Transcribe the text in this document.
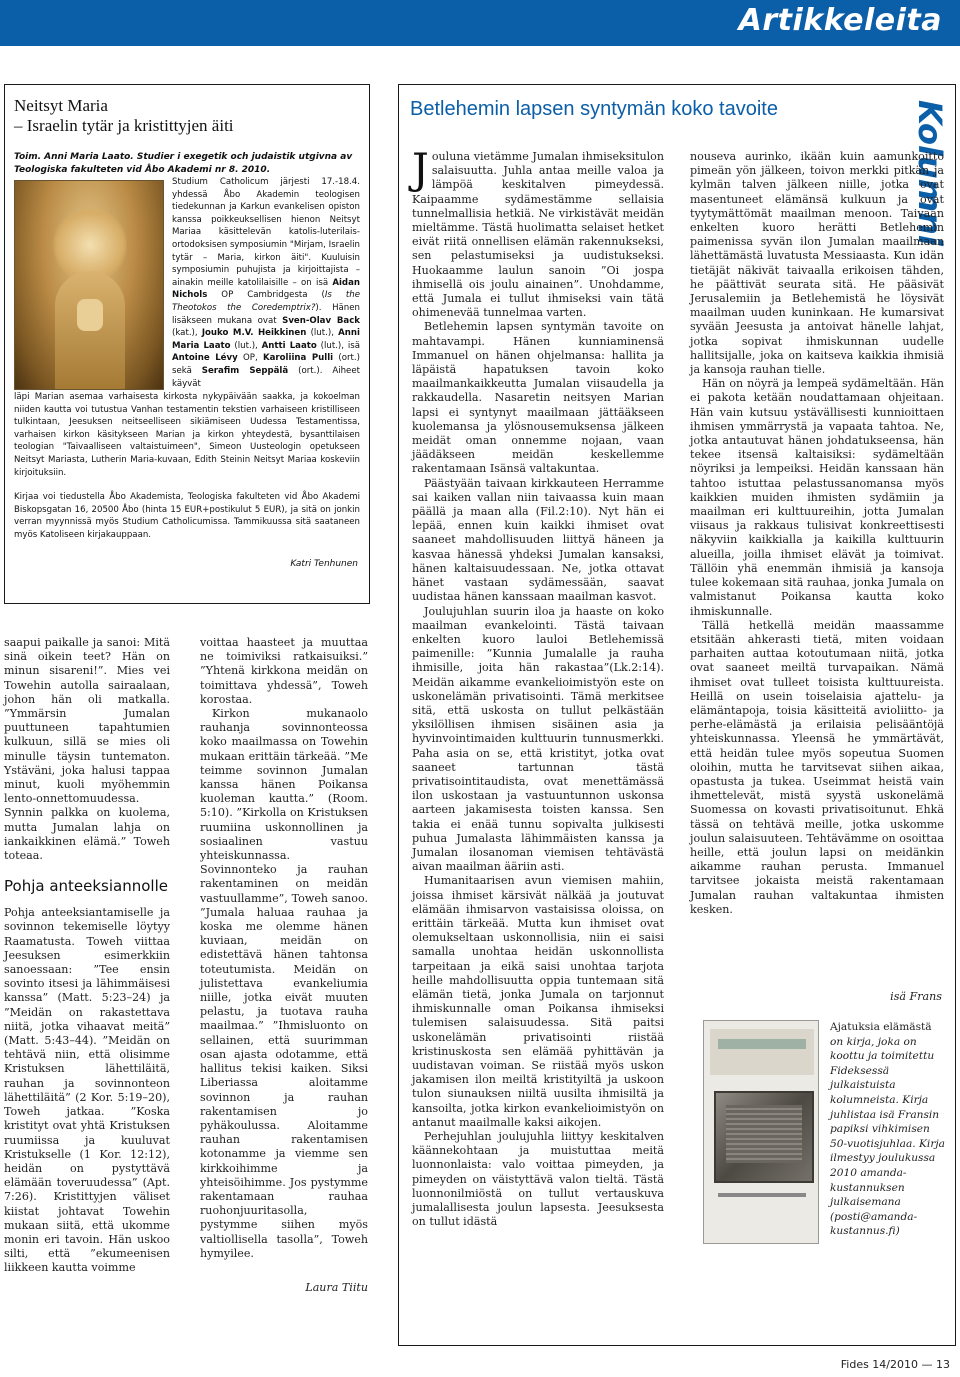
Artikkeleita
Neitsyt Maria
– Israelin tytär ja kristittyjen äiti
Toim. Anni Maria Laato. Studier i exegetik och judaistik utgivna av Teologiska fakulteten vid Åbo Akademi nr 8. 2010.
Studium Catholicum järjesti 17.-18.4. yhdessä Åbo Akademin teologisen tiedekunnan ja Karkun evankelisen opiston kanssa poikkeuksellisen hienon Neitsyt Mariaa käsittelevän katolis-luterilais-ortodoksisen symposiumin "Mirjam, Israelin tytär – Maria, kirkon äiti". Kuuluisin symposiumin puhujista ja kirjoittajista – ainakin meille katolilaisille – on isä Aidan Nichols OP Cambridgesta (Is the Theotokos the Coredemptrix?). Hänen lisäkseen mukana ovat Sven-Olav Back (kat.), Jouko M.V. Heikkinen (lut.), Anni Maria Laato (lut.), Antti Laato (lut.), isä Antoine Lévy OP, Karoliina Pulli (ort.) sekä Serafim Seppälä (ort.). Aiheet käyvät
läpi Marian asemaa varhaisesta kirkosta nykypäivään saakka, ja kokoelman niiden kautta voi tutustua Vanhan testamentin tekstien varhaiseen kristilliseen tulkintaan, Jeesuksen neitseelliseen sikiämiseen Uudessa Testamentissa, varhaisen kirkon käsitykseen Marian ja kirkon yhteydestä, bysanttilaisen teologian "Taivaalliseen valtaistuimeen", Simeon Uusteologin opetukseen Neitsyt Mariasta, Lutherin Maria-kuvaan, Edith Steinin Neitsyt Mariaa koskeviin kirjoituksiin.
Kirjaa voi tiedustella Åbo Akademista, Teologiska fakulteten vid Åbo Akademi Biskopsgatan 16, 20500 Åbo (hinta 15 EUR+postikulut 5 EUR), ja sitä on jonkin verran myynnissä myös Studium Catholicumissa. Tammikuussa sitä saataneen myös Katoliseen kirjakauppaan.
Katri Tenhunen

saapui paikalle ja sanoi: Mitä sinä oikein teet? Hän on minun sisareni!”. Mies vei Towehin autolla sairaalaan, johon hän oli matkalla. ”Ymmärsin Jumalan puuttuneen tapahtumien kulkuun, sillä se mies oli minulle täysin tuntematon. Ystäväni, joka halusi tappaa minut, kuoli myöhemmin lento-onnettomuudessa. Synnin palkka on kuolema, mutta Jumalan lahja on iankaikkinen elämä.” Toweh toteaa.

Pohja anteeksiannolle

Pohja anteeksiantamiselle ja sovinnon tekemiselle löytyy Raamatusta. Toweh viittaa Jeesuksen esimerkkiin sanoessaan: ”Tee ensin sovinto itsesi ja lähimmäisesi kanssa” (Matt. 5:23–24) ja ”Meidän on rakastettava niitä, jotka vihaavat meitä” (Matt. 5:43–44). ”Meidän on tehtävä niin, että olisimme Kristuksen lähettiläitä, rauhan ja sovinnonteon lähettiläitä” (2 Kor. 5:19–20), Toweh jatkaa. ”Koska kristityt ovat yhtä Kristuksen ruumiissa ja kuuluvat Kristukselle (1 Kor. 12:12), heidän on pystyttävä elämään toveruudessa” (Apt. 7:26). Kristittyjen väliset kiistat johtavat Towehin mukaan siitä, että ukomme monin eri tavoin. Hän uskoo silti, että ”ekumeenisen liikkeen kautta voimme

voittaa haasteet ja muuttaa ne toimiviksi ratkaisuiksi.” ”Yhtenä kirkkona meidän on toimittava yhdessä”, Toweh korostaa.

Kirkon mukanaolo rauhanja sovinnonteossa koko maailmassa on Towehin mukaan erittäin tärkeää. ”Me teimme sovinnon Jumalan kanssa hänen Poikansa kuoleman kautta.” (Room. 5:10). ”Kirkolla on Kristuksen ruumiina uskonnollinen ja sosiaalinen vastuu yhteiskunnassa. Sovinnonteko ja rauhan rakentaminen on meidän vastuullamme”, Toweh sanoo. ”Jumala haluaa rauhaa ja koska me olemme hänen kuviaan, meidän on edistettävä hänen tahtonsa toteutumista. Meidän on julistettava evankeliumia niille, jotka eivät muuten pelastu, ja tuotava rauha maailmaa.” ”Ihmisluonto on sellainen, että suurimman osan ajasta odotamme, että hallitus tekisi kaiken. Siksi Liberiassa aloitamme sovinnon ja rauhan rakentamisen jo pyhäkoulussa. Aloitamme rauhan rakentamisen kotonamme ja viemme sen kirkkoihimme ja yhteisöihimme. Jos pystymme rakentamaan rauhaa ruohonjuuritasolla, pystymme siihen myös valtiollisella tasolla”, Toweh hymyilee.

Laura Tiitu
Betlehemin lapsen syntymän koko tavoite	Kolumni

Jouluna vietämme Jumalan ihmiseksitulon salaisuutta. Juhla antaa meille valoa ja lämpöä keskitalven pimeydessä. Kaipaamme sydämestämme sellaisia tunnelmallisia hetkiä. Ne virkistävät meidän mieltämme. Tästä huolimatta selaiset hetket eivät riitä onnellisen elämän rakennukseksi, sen pelastumiseksi ja uudistukseksi. Huokaamme laulun sanoin ”Oi jospa ihmisellä ois joulu ainainen”. Unohdamme, että Jumala ei tullut ihmiseksi vain tätä ohimenevää tunnelmaa varten.

Betlehemin lapsen syntymän tavoite on mahtavampi. Hänen kunniaminensä Immanuel on hänen ohjelmansa: hallita ja läpäistä hapatuksen tavoin koko maailmankaikkeutta Jumalan viisaudella ja rakkaudella. Nasaretin neitsyen Marian lapsi ei syntynyt maailmaan jättääkseen kuolemansa ja ylösnousemuksensa jälkeen meidät oman onnemme nojaan, vaan jäädäkseen meidän keskellemme rakentamaan Isänsä valtakuntaa.

Päästyään taivaan kirkkauteen Herramme sai kaiken vallan niin taivaassa kuin maan päällä ja maan alla (Fil.2:10). Nyt hän ei lepää, ennen kuin kaikki ihmiset ovat saaneet mahdollisuuden liittyä häneen ja kasvaa hänessä yhdeksi Jumalan kansaksi, hänen kaltaisuudessaan. Ne, jotka ottavat hänet vastaan sydämessään, saavat uudistaa hänen kanssaan maailman kasvot.

Joulujuhlan suurin iloa ja haaste on koko maailman evankelointi. Tästä taivaan enkelten kuoro lauloi Betlehemissä paimenille: ”Kunnia Jumalalle ja rauha ihmisille, joita hän rakastaa”(Lk.2:14). Meidän aikamme evankelioimistyön este on uskonelämän privatisointi. Tämä merkitsee sitä, että uskosta on tullut pelkästään yksilöllisen ihmisen sisäinen asia ja hyvinvointimaiden kulttuurin tunnusmerkki. Paha asia on se, että kristityt, jotka ovat saaneet tartunnan tästä privatisointitaudista, ovat menettämässä ilon uskostaan ja vastuuntunnon uskonsa aarteen jakamisesta toisten kanssa. Sen takia ei enää tunnu sopivalta julkisesti puhua Jumalasta lähimmäisten kanssa ja Jumalan ilosanoman viemisen tehtävästä aivan maailman ääriin asti.

Humanitaarisen avun viemisen mahiin, joissa ihmiset kärsivät nälkää ja joutuvat elämään ihmisarvon vastaisissa oloissa, on erittäin tärkeää. Mutta kun ihmiset ovat olemukseltaan uskonnollisia, niin ei saisi samalla unohtaa heidän uskonnollista tarpeitaan ja eikä saisi unohtaa tarjota heille mahdollisuutta oppia tuntemaan sitä elämän tietä, jonka Jumala on tarjonnut ihmiskunnalle oman Poikansa ihmiseksi tulemisen salaisuudessa. Sitä paitsi uskonelämän privatisointi riistää kristinuskosta sen elämää pyhittävän ja uudistavan voiman. Se riistää myös uskon jakamisen ilon meiltä kristityiltä ja uskoon tulon siunauksen niiltä uusilta ihmisiltä ja kansoilta, jotka kirkon evankelioimistyön on antanut maailmalle kaksi aikojen.

Perhejuhlan joulujuhla liittyy keskitalven käännekohtaan ja muistuttaa meitä luonnonlaista: valo voittaa pimeyden, ja pimeyden on väistyttävä valon tieltä. Tästä luonnonilmiöstä on tullut vertauskuva jumalallisesta joulun lapsesta. Jeesuksesta on tullut idästä

nouseva aurinko, ikään kuin aamunkoitto pimeän yön jälkeen, toivon merkki pitkän ja kylmän talven jälkeen niille, jotka ovat masentuneet elämänsä kulkuun ja ovat tyytymättömät maailman menoon. Taivaan enkelten kuoro herätti Betlehemin paimenissa syvän ilon Jumalan maailmaan lähettämästä luvatusta Messiaasta. Kun idän tietäjät näkivät taivaalla erikoisen tähden, he päättivät seurata sitä. He pääsivät Jerusalemiin ja Betlehemistä he löysivät maailman uuden kuninkaan. He kumarsivat syvään Jeesusta ja antoivat hänelle lahjat, jotka sopivat ihmiskunnan uudelle hallitsijalle, joka on kaitseva kaikkia ihmisiä ja kansoja rauhan tielle.

Hän on nöyrä ja lempeä sydämeltään. Hän ei pakota ketään noudattamaan ohjeitaan. Hän vain kutsuu ystävällisesti kunnioittaen ihmisen ymmärrystä ja vapaata tahtoa. Ne, jotka antautuvat hänen johdatukseensa, hän tekee itsensä kaltaisiksi: sydämeltään nöyriksi ja lempeiksi. Heidän kanssaan hän tahtoo istuttaa pelastussanomansa myös kaikkien muiden ihmisten sydämiin ja maailman eri kulttuureihin, jotta Jumalan viisaus ja rakkaus tulisivat konkreettisesti näkyviin kaikkialla ja kaikilla kulttuurin alueilla, joilla ihmiset elävät ja toimivat. Tällöin yhä enemmän ihmisiä ja kansoja tulee kokemaan sitä rauhaa, jonka Jumala on valmistanut Poikansa kautta koko ihmiskunnalle.

Tällä hetkellä meidän maassamme etsitään ahkerasti tietä, miten voidaan parhaiten auttaa kotoutumaan niitä, jotka ovat saaneet meiltä turvapaikan. Nämä ihmiset ovat tulleet toisista kulttuureista. Heillä on usein toiselaisia ajattelu- ja elämäntapoja, toisia käsitteitä avioliitto- ja perhe-elämästä ja erilaisia pelisääntöjä yhteiskunnassa. Yleensä he ymmärtävät, että heidän tulee myös sopeutua Suomen oloihin, mutta he tarvitsevat siihen aikaa, opastusta ja tukea. Useimmat heistä vain ihmettelevät, mistä syystä uskonelämä Suomessa on kovasti privatisoitunut. Ehkä tässä on tehtävä meille, jotka uskomme joulun salaisuuteen. Tehtävämme on osoittaa heille, että joulun lapsi on meidänkin aikamme rauhan perusta. Immanuel tarvitsee jokaista meistä rakentamaan Jumalan rauhan valtakuntaa ihmisten kesken.

isä Frans
Ajatuksia elämästä on kirja, joka on koottu ja toimitettu Fideksessä julkaistuista kolumneista. Kirja juhlistaa isä Fransin papiksi vihkimisen 50-vuotisjuhlaa. Kirja ilmestyy joulukussa 2010 amanda-kustannuksen julkaisemana (posti@amanda-kustannus.fi)
Fides 14/2010 — 13
